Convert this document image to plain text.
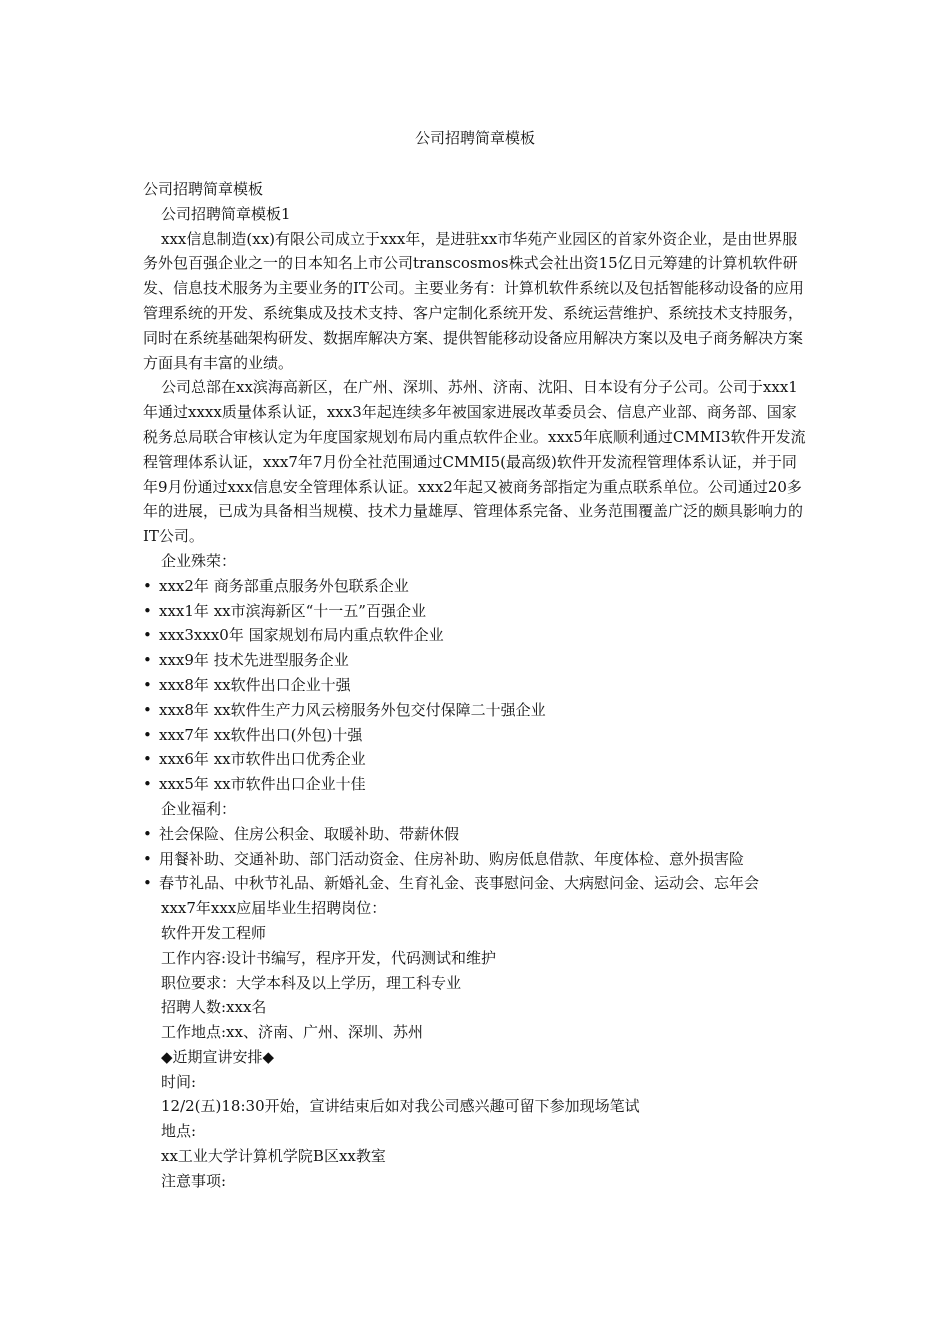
公司招聘简章模板

公司招聘简章模板

公司招聘简章模板1

xxx信息制造(xx)有限公司成立于xxx年，是进驻xx市华苑产业园区的首家外资企业，是由世界服务外包百强企业之一的日本知名上市公司transcosmos株式会社出资15亿日元筹建的计算机软件研发、信息技术服务为主要业务的IT公司。主要业务有：计算机软件系统以及包括智能移动设备的应用管理系统的开发、系统集成及技术支持、客户定制化系统开发、系统运营维护、系统技术支持服务，同时在系统基础架构研发、数据库解决方案、提供智能移动设备应用解决方案以及电子商务解决方案方面具有丰富的业绩。

公司总部在xx滨海高新区，在广州、深圳、苏州、济南、沈阳、日本设有分子公司。公司于xxx1年通过xxxx质量体系认证，xxx3年起连续多年被国家进展改革委员会、信息产业部、商务部、国家税务总局联合审核认定为年度国家规划布局内重点软件企业。xxx5年底顺利通过CMMI3软件开发流程管理体系认证，xxx7年7月份全社范围通过CMMI5(最高级)软件开发流程管理体系认证，并于同年9月份通过xxx信息安全管理体系认证。xxx2年起又被商务部指定为重点联系单位。公司通过20多年的进展，已成为具备相当规模、技术力量雄厚、管理体系完备、业务范围覆盖广泛的颇具影响力的IT公司。

企业殊荣：

• xxx2年 商务部重点服务外包联系企业

• xxx1年 xx市滨海新区“十一五”百强企业

• xxx3xxx0年 国家规划布局内重点软件企业

• xxx9年 技术先进型服务企业

• xxx8年 xx软件出口企业十强

• xxx8年 xx软件生产力风云榜服务外包交付保障二十强企业

• xxx7年 xx软件出口(外包)十强

• xxx6年 xx市软件出口优秀企业

• xxx5年 xx市软件出口企业十佳

企业福利：

• 社会保险、住房公积金、取暖补助、带薪休假

• 用餐补助、交通补助、部门活动资金、住房补助、购房低息借款、年度体检、意外损害险

• 春节礼品、中秋节礼品、新婚礼金、生育礼金、丧事慰问金、大病慰问金、运动会、忘年会

xxx7年xxx应届毕业生招聘岗位：

软件开发工程师

工作内容:设计书编写，程序开发，代码测试和维护

职位要求：大学本科及以上学历，理工科专业

招聘人数:xxx名

工作地点:xx、济南、广州、深圳、苏州

◆近期宣讲安排◆

时间:

12/2(五)18:30开始，宣讲结束后如对我公司感兴趣可留下参加现场笔试

地点:

xx工业大学计算机学院B区xx教室

注意事项:
